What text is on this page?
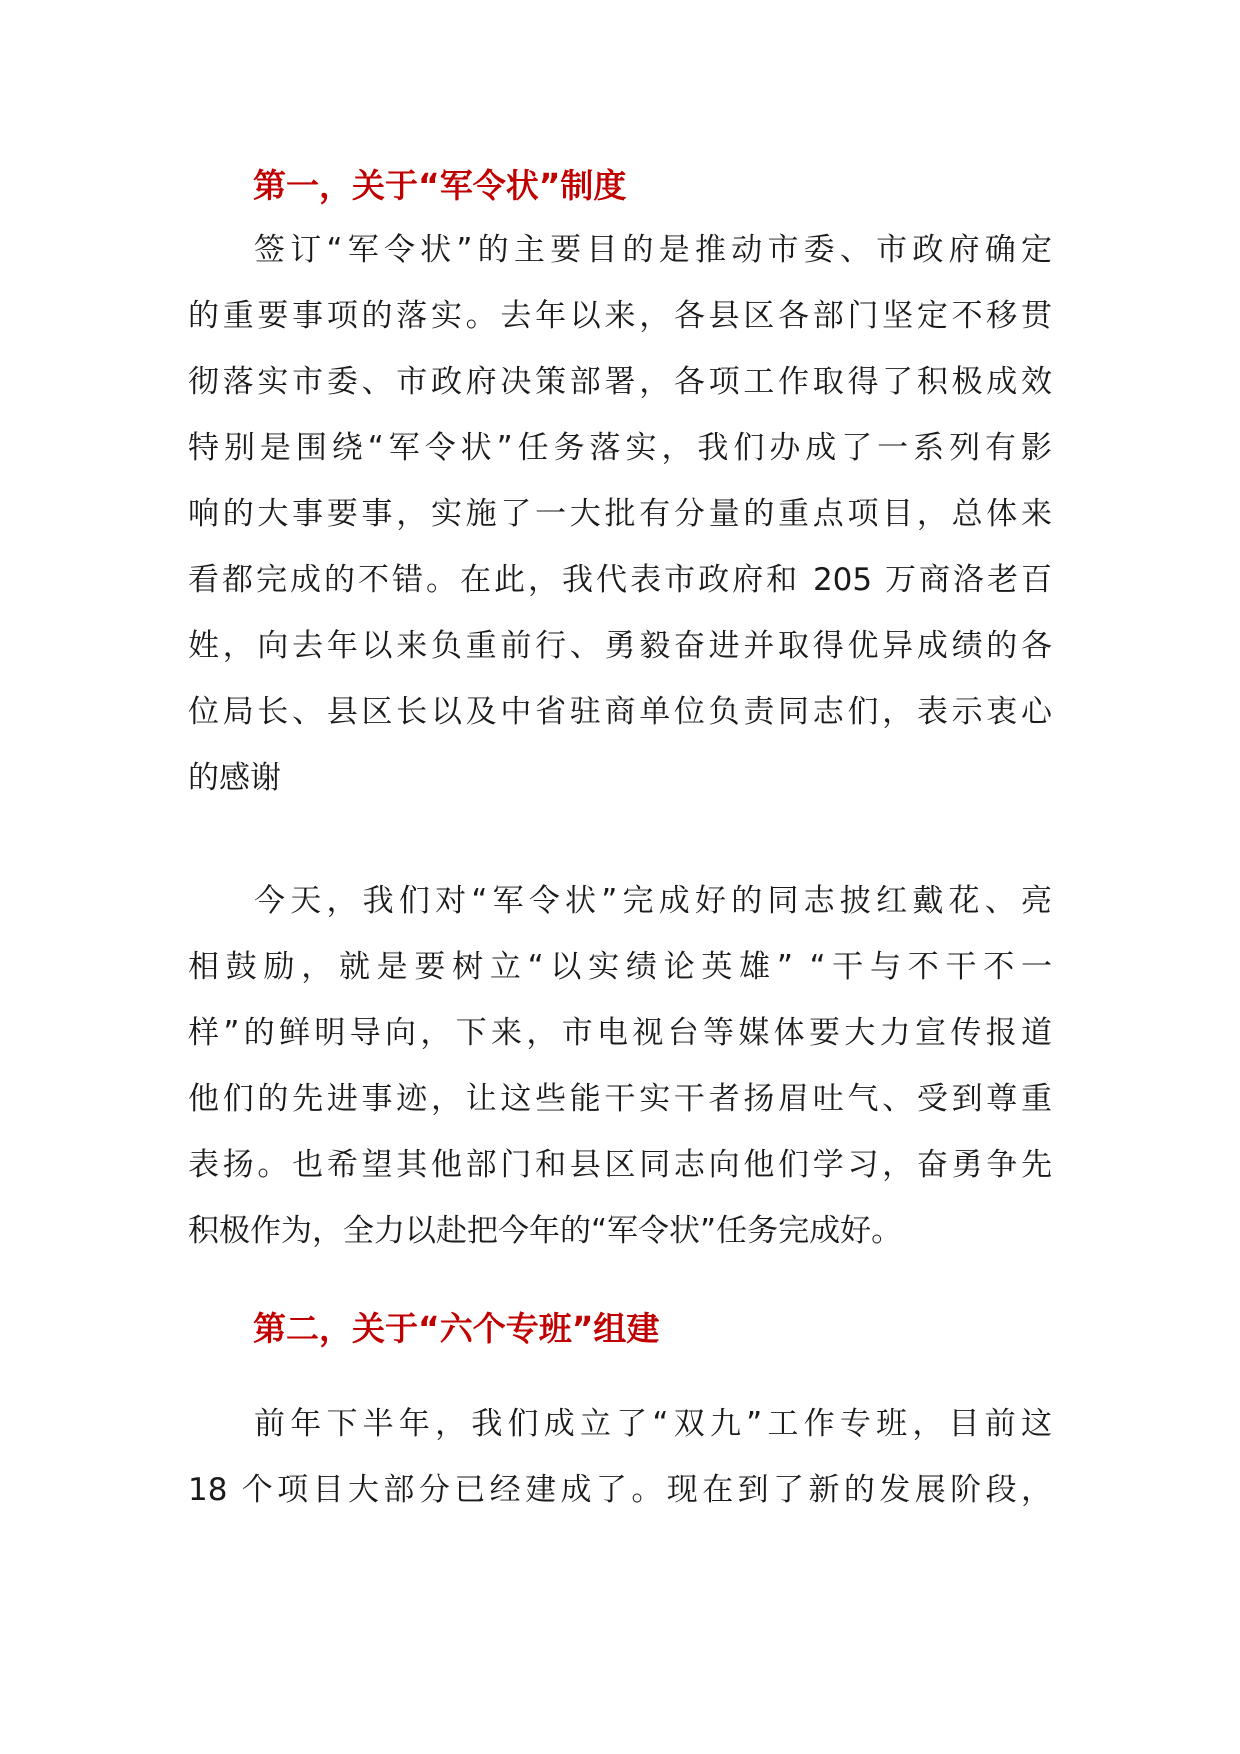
第一，关于“军令状”制度
签订“军令状”的主要目的是推动市委、市政府确定
的重要事项的落实。去年以来，各县区各部门坚定不移贯
彻落实市委、市政府决策部署，各项工作取得了积极成效
特别是围绕“军令状”任务落实，我们办成了一系列有影
响的大事要事，实施了一大批有分量的重点项目，总体来
看都完成的不错。在此，我代表市政府和 205 万商洛老百
姓，向去年以来负重前行、勇毅奋进并取得优异成绩的各
位局长、县区长以及中省驻商单位负责同志们，表示衷心
的感谢
今天，我们对“军令状”完成好的同志披红戴花、亮
相鼓励，就是要树立“以实绩论英雄” “干与不干不一
样”的鲜明导向，下来，市电视台等媒体要大力宣传报道
他们的先进事迹，让这些能干实干者扬眉吐气、受到尊重
表扬。也希望其他部门和县区同志向他们学习，奋勇争先
积极作为，全力以赴把今年的“军令状”任务完成好。
第二，关于“六个专班”组建
前年下半年，我们成立了“双九”工作专班，目前这
18 个项目大部分已经建成了。现在到了新的发展阶段，
